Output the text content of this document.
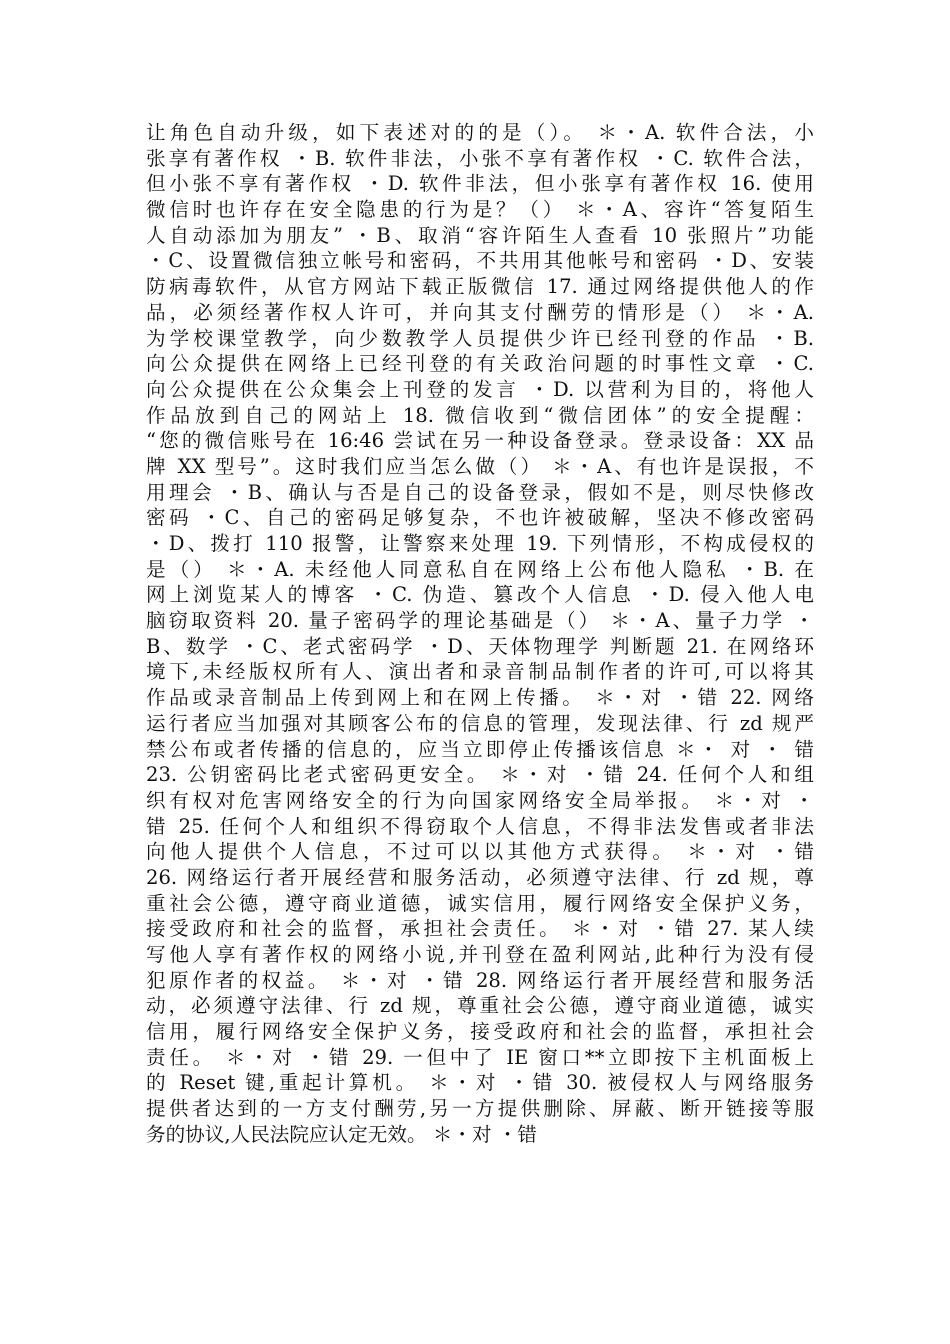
让角色自动升级，如下表述对的的是（）。 ＊・A. 软件合法，小
张享有著作权 ・B. 软件非法，小张不享有著作权 ・C. 软件合法，
但小张不享有著作权 ・D. 软件非法，但小张享有著作权 16. 使用
微信时也许存在安全隐患的行为是？（） ＊・A、容许“答复陌生
人自动添加为朋友” ・B、取消“容许陌生人查看 10 张照片”功能
・C、设置微信独立帐号和密码，不共用其他帐号和密码 ・D、安装
防病毒软件，从官方网站下载正版微信 17. 通过网络提供他人的作
品，必须经著作权人许可，并向其支付酬劳的情形是（） ＊・A.
为学校课堂教学，向少数教学人员提供少许已经刊登的作品 ・B.
向公众提供在网络上已经刊登的有关政治问题的时事性文章 ・C.
向公众提供在公众集会上刊登的发言 ・D. 以营利为目的，将他人
作品放到自己的网站上 18. 微信收到“微信团体”的安全提醒：
“您的微信账号在 16:46 尝试在另一种设备登录。登录设备：XX 品
牌 XX 型号”。这时我们应当怎么做（） ＊・A、有也许是误报，不
用理会 ・B、确认与否是自己的设备登录，假如不是，则尽快修改
密码 ・C、自己的密码足够复杂，不也许被破解，坚决不修改密码
・D、拨打 110 报警，让警察来处理 19. 下列情形，不构成侵权的
是（） ＊・A. 未经他人同意私自在网络上公布他人隐私 ・B. 在
网上浏览某人的博客 ・C. 伪造、篡改个人信息 ・D. 侵入他人电
脑窃取资料 20. 量子密码学的理论基础是（） ＊・A、量子力学 ・
B、数学 ・C、老式密码学 ・D、天体物理学 判断题 21. 在网络环
境下,未经版权所有人、演出者和录音制品制作者的许可,可以将其
作品或录音制品上传到网上和在网上传播。 ＊・对 ・错 22. 网络
运行者应当加强对其顾客公布的信息的管理，发现法律、行 zd 规严
禁公布或者传播的信息的，应当立即停止传播该信息 ＊・ 对 ・ 错
23. 公钥密码比老式密码更安全。 ＊・对 ・错 24. 任何个人和组
织有权对危害网络安全的行为向国家网络安全局举报。 ＊・对 ・
错 25. 任何个人和组织不得窃取个人信息，不得非法发售或者非法
向他人提供个人信息，不过可以以其他方式获得。 ＊・对 ・错
26. 网络运行者开展经营和服务活动，必须遵守法律、行 zd 规，尊
重社会公德，遵守商业道德，诚实信用，履行网络安全保护义务，
接受政府和社会的监督，承担社会责任。 ＊・对 ・错 27. 某人续
写他人享有著作权的网络小说,并刊登在盈利网站,此种行为没有侵
犯原作者的权益。 ＊・对 ・错 28. 网络运行者开展经营和服务活
动，必须遵守法律、行 zd 规，尊重社会公德，遵守商业道德，诚实
信用，履行网络安全保护义务，接受政府和社会的监督，承担社会
责任。 ＊・对 ・错 29. 一但中了 IE 窗口**立即按下主机面板上
的 Reset 键,重起计算机。 ＊・对 ・错 30. 被侵权人与网络服务
提供者达到的一方支付酬劳,另一方提供删除、屏蔽、断开链接等服
务的协议,人民法院应认定无效。 ＊・对 ・错
